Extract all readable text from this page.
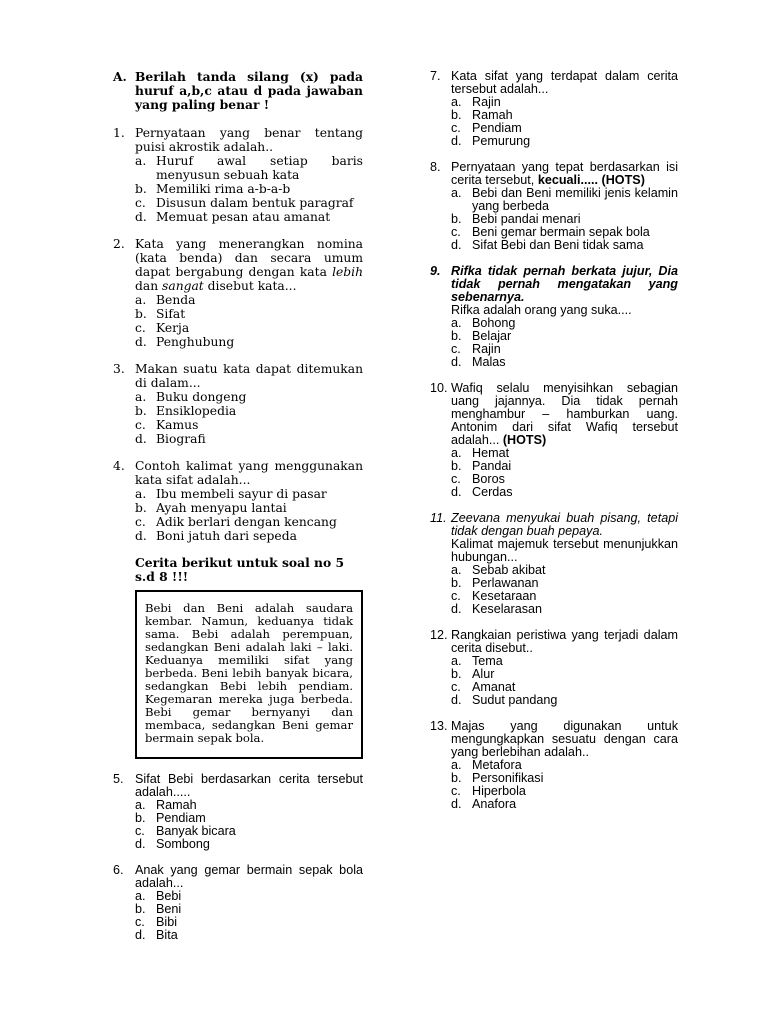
A. Berilah tanda silang (x) pada huruf a,b,c atau d pada jawaban yang paling benar !
1. Pernyataan yang benar tentang puisi akrostik adalah..
a. Huruf awal setiap baris menyusun sebuah kata
b. Memiliki rima a-b-a-b
c. Disusun dalam bentuk paragraf
d. Memuat pesan atau amanat
2. Kata yang menerangkan nomina (kata benda) dan secara umum dapat bergabung dengan kata lebih dan sangat disebut kata...
a. Benda
b. Sifat
c. Kerja
d. Penghubung
3. Makan suatu kata dapat ditemukan di dalam...
a. Buku dongeng
b. Ensiklopedia
c. Kamus
d. Biografi
4. Contoh kalimat yang menggunakan kata sifat adalah...
a. Ibu membeli sayur di pasar
b. Ayah menyapu lantai
c. Adik berlari dengan kencang
d. Boni jatuh dari sepeda
Cerita berikut untuk soal no 5 s.d 8 !!!
Bebi dan Beni adalah saudara kembar. Namun, keduanya tidak sama. Bebi adalah perempuan, sedangkan Beni adalah laki – laki. Keduanya memiliki sifat yang berbeda. Beni lebih banyak bicara, sedangkan Bebi lebih pendiam. Kegemaran mereka juga berbeda. Bebi gemar bernyanyi dan membaca, sedangkan Beni gemar bermain sepak bola.
5. Sifat Bebi berdasarkan cerita tersebut adalah.....
a. Ramah
b. Pendiam
c. Banyak bicara
d. Sombong
6. Anak yang gemar bermain sepak bola adalah...
a. Bebi
b. Beni
c. Bibi
d. Bita
7. Kata sifat yang terdapat dalam cerita tersebut adalah...
a. Rajin
b. Ramah
c. Pendiam
d. Pemurung
8. Pernyataan yang tepat berdasarkan isi cerita tersebut, kecuali..... (HOTS)
a. Bebi dan Beni memiliki jenis kelamin yang berbeda
b. Bebi pandai menari
c. Beni gemar bermain sepak bola
d. Sifat Bebi dan Beni tidak sama
9. Rifka tidak pernah berkata jujur, Dia tidak pernah mengatakan yang sebenarnya.
Rifka adalah orang yang suka....
a. Bohong
b. Belajar
c. Rajin
d. Malas
10. Wafiq selalu menyisihkan sebagian uang jajannya. Dia tidak pernah menghambur – hamburkan uang. Antonim dari sifat Wafiq tersebut adalah... (HOTS)
a. Hemat
b. Pandai
c. Boros
d. Cerdas
11. Zeevana menyukai buah pisang, tetapi tidak dengan buah pepaya.
Kalimat majemuk tersebut menunjukkan hubungan...
a. Sebab akibat
b. Perlawanan
c. Kesetaraan
d. Keselarasan
12. Rangkaian peristiwa yang terjadi dalam cerita disebut..
a. Tema
b. Alur
c. Amanat
d. Sudut pandang
13. Majas yang digunakan untuk mengungkapkan sesuatu dengan cara yang berlebihan adalah..
a. Metafora
b. Personifikasi
c. Hiperbola
d. Anafora
